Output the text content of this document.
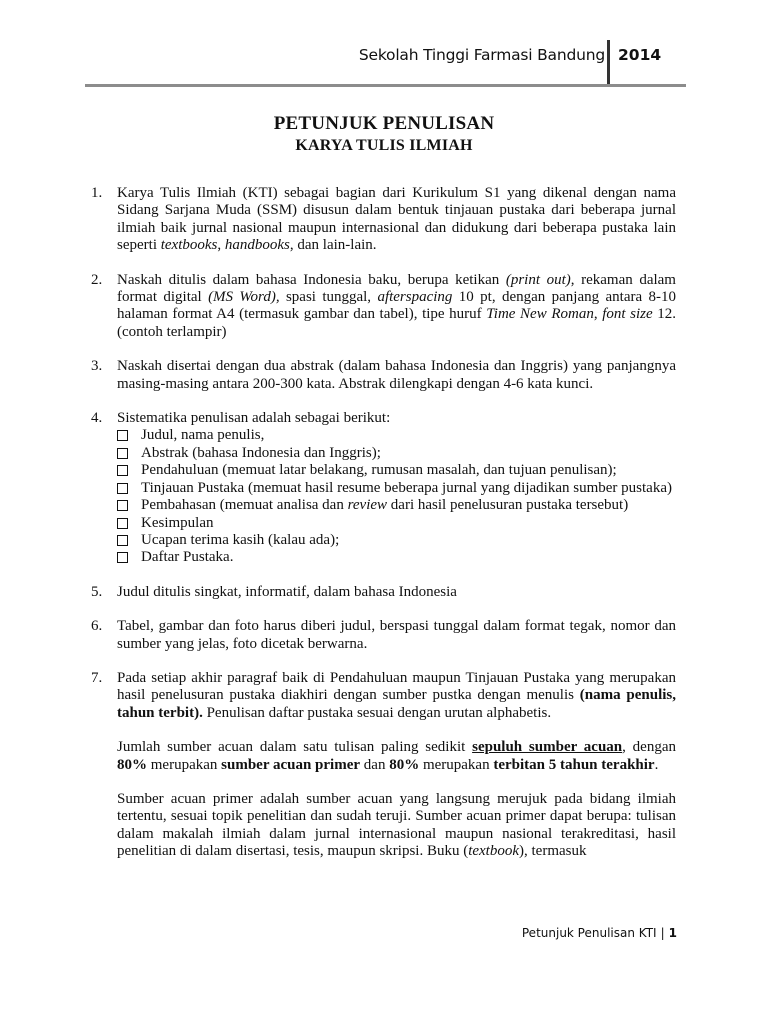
Sekolah Tinggi Farmasi Bandung 2014
PETUNJUK PENULISAN
KARYA TULIS ILMIAH
1. Karya Tulis Ilmiah (KTI) sebagai bagian dari Kurikulum S1 yang dikenal dengan nama Sidang Sarjana Muda (SSM) disusun dalam bentuk tinjauan pustaka dari beberapa jurnal ilmiah baik jurnal nasional maupun internasional dan didukung dari beberapa pustaka lain seperti textbooks, handbooks, dan lain-lain.
2. Naskah ditulis dalam bahasa Indonesia baku, berupa ketikan (print out), rekaman dalam format digital (MS Word), spasi tunggal, afterspacing 10 pt, dengan panjang antara 8-10 halaman format A4 (termasuk gambar dan tabel), tipe huruf Time New Roman, font size 12. (contoh terlampir)
3. Naskah disertai dengan dua abstrak (dalam bahasa Indonesia dan Inggris) yang panjangnya masing-masing antara 200-300 kata. Abstrak dilengkapi dengan 4-6 kata kunci.
4. Sistematika penulisan adalah sebagai berikut:
Judul, nama penulis,
Abstrak (bahasa Indonesia dan Inggris);
Pendahuluan (memuat latar belakang, rumusan masalah, dan tujuan penulisan);
Tinjauan Pustaka (memuat hasil resume beberapa jurnal yang dijadikan sumber pustaka)
Pembahasan (memuat analisa dan review dari hasil penelusuran pustaka tersebut)
Kesimpulan
Ucapan terima kasih (kalau ada);
Daftar Pustaka.
5. Judul ditulis singkat, informatif, dalam bahasa Indonesia
6. Tabel, gambar dan foto harus diberi judul, berspasi tunggal dalam format tegak, nomor dan sumber yang jelas, foto dicetak berwarna.
7. Pada setiap akhir paragraf baik di Pendahuluan maupun Tinjauan Pustaka yang merupakan hasil penelusuran pustaka diakhiri dengan sumber pustka dengan menulis (nama penulis, tahun terbit). Penulisan daftar pustaka sesuai dengan urutan alphabetis.
Jumlah sumber acuan dalam satu tulisan paling sedikit sepuluh sumber acuan, dengan 80% merupakan sumber acuan primer dan 80% merupakan terbitan 5 tahun terakhir.
Sumber acuan primer adalah sumber acuan yang langsung merujuk pada bidang ilmiah tertentu, sesuai topik penelitian dan sudah teruji. Sumber acuan primer dapat berupa: tulisan dalam makalah ilmiah dalam jurnal internasional maupun nasional terakreditasi, hasil penelitian di dalam disertasi, tesis, maupun skripsi. Buku (textbook), termasuk
Petunjuk Penulisan KTI | 1
